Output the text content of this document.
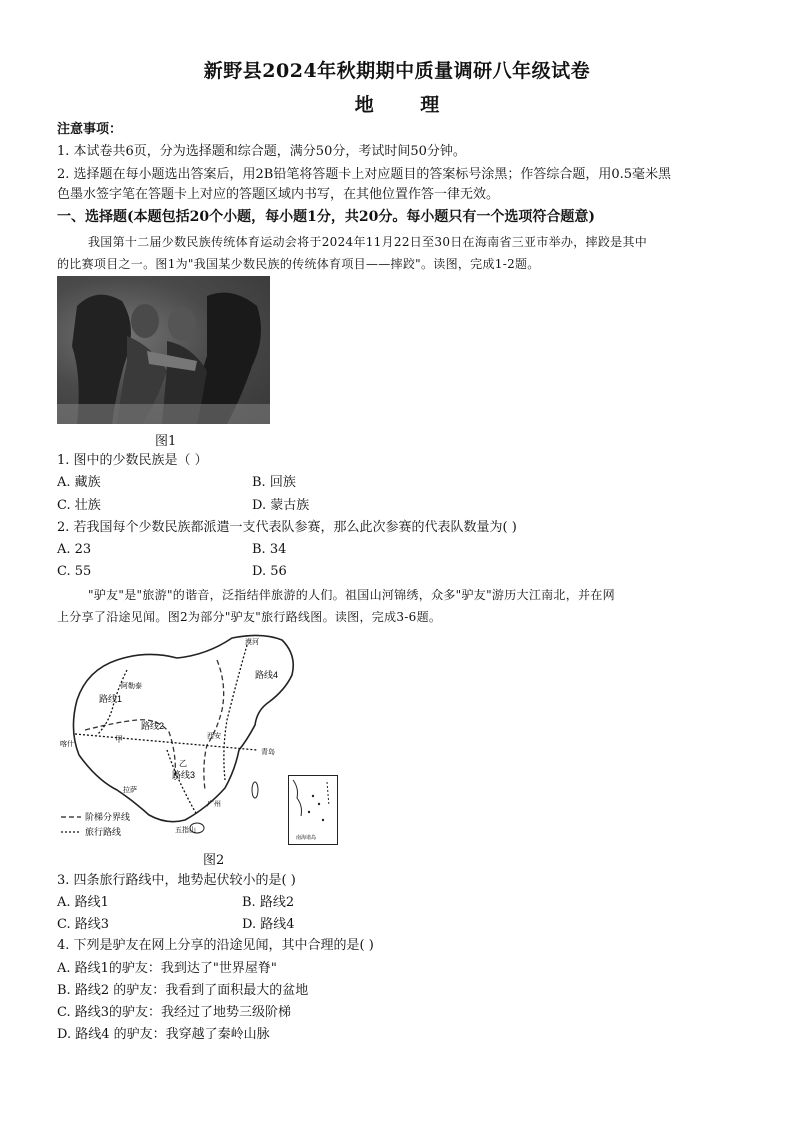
新野县2024年秋期期中质量调研八年级试卷
地 理
注意事项：
1. 本试卷共6页，分为选择题和综合题，满分50分，考试时间50分钟。
2. 选择题在每小题选出答案后，用2B铅笔将答题卡上对应题目的答案标号涂黑；作答综合题，用0.5毫米黑
色墨水签字笔在答题卡上对应的答题区域内书写，在其他位置作答一律无效。
一、选择题(本题包括20个小题，每小题1分，共20分。每小题只有一个选项符合题意)
我国第十二届少数民族传统体育运动会将于2024年11月22日至30日在海南省三亚市举办，摔跤是其中
的比赛项目之一。图1为"我国某少数民族的传统体育项目——摔跤"。读图，完成1-2题。
图1
1. 图中的少数民族是（ ）
A. 藏族	B. 回族
C. 壮族	D. 蒙古族
2. 若我国每个少数民族都派遣一支代表队参赛，那么此次参赛的代表队数量为( )
A. 23	B. 34
C. 55	D. 56
"驴友"是"旅游"的谐音，泛指结伴旅游的人们。祖国山河锦绣，众多"驴友"游历大江南北，并在网
上分享了沿途见闻。图2为部分"驴友"旅行路线图。读图，完成3-6题。
路线1
路线2
路线3
路线4
阿勒泰
喀什
拉萨
青岛
漠河
五指山
甲
乙
广州
西安
阶梯分界线
旅行路线
南海诸岛
图2
3. 四条旅行路线中，地势起伏较小的是( )
A. 路线1	B. 路线2
C. 路线3	D. 路线4
4. 下列是驴友在网上分享的沿途见闻，其中合理的是( )
A. 路线1的驴友：我到达了"世界屋脊"
B. 路线2 的驴友：我看到了面积最大的盆地
C. 路线3的驴友：我经过了地势三级阶梯
D. 路线4 的驴友：我穿越了秦岭山脉
